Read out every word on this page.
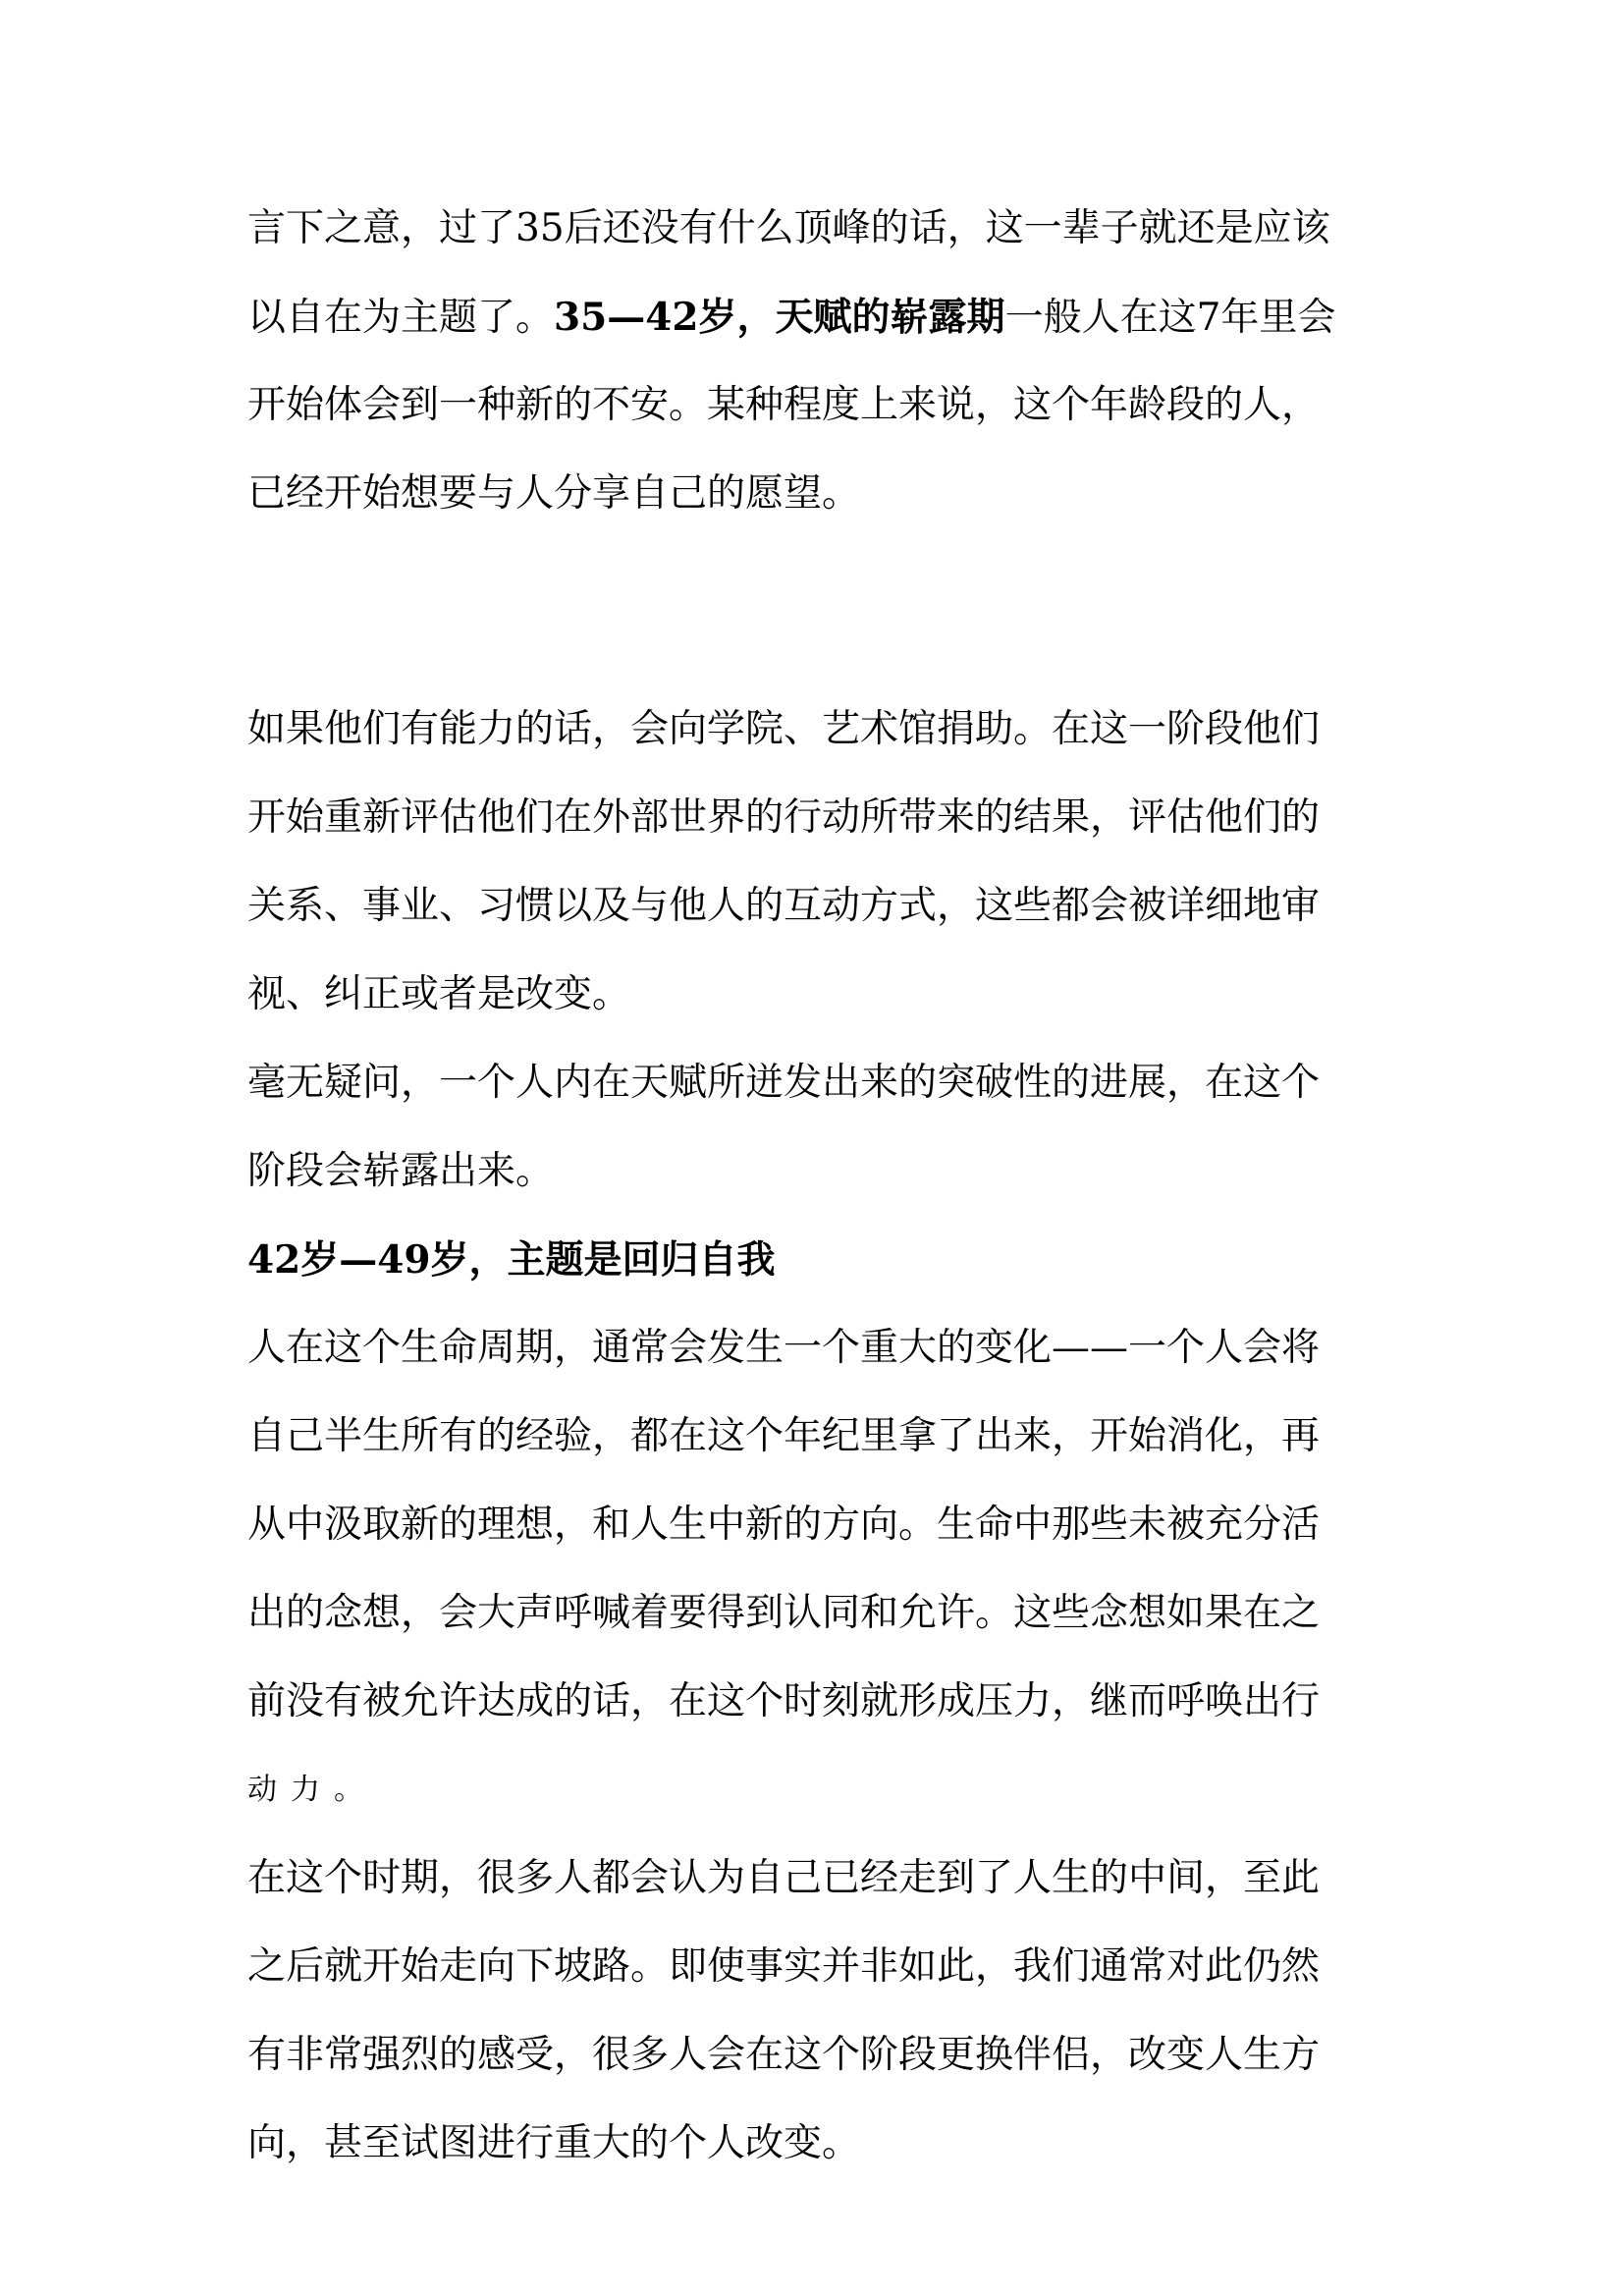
言下之意，过了35后还没有什么顶峰的话，这一辈子就还是应该
以自在为主题了。35—42岁，天赋的崭露期一般人在这7年里会
开始体会到一种新的不安。某种程度上来说，这个年龄段的人，
已经开始想要与人分享自己的愿望。
如果他们有能力的话，会向学院、艺术馆捐助。在这一阶段他们
开始重新评估他们在外部世界的行动所带来的结果，评估他们的
关系、事业、习惯以及与他人的互动方式，这些都会被详细地审
视、纠正或者是改变。
毫无疑问，一个人内在天赋所迸发出来的突破性的进展，在这个
阶段会崭露出来。
42岁—49岁，主题是回归自我
人在这个生命周期，通常会发生一个重大的变化——一个人会将
自己半生所有的经验，都在这个年纪里拿了出来，开始消化，再
从中汲取新的理想，和人生中新的方向。生命中那些未被充分活
出的念想，会大声呼喊着要得到认同和允许。这些念想如果在之
前没有被允许达成的话，在这个时刻就形成压力，继而呼唤出行
动力。
在这个时期，很多人都会认为自己已经走到了人生的中间，至此
之后就开始走向下坡路。即使事实并非如此，我们通常对此仍然
有非常强烈的感受，很多人会在这个阶段更换伴侣，改变人生方
向，甚至试图进行重大的个人改变。
